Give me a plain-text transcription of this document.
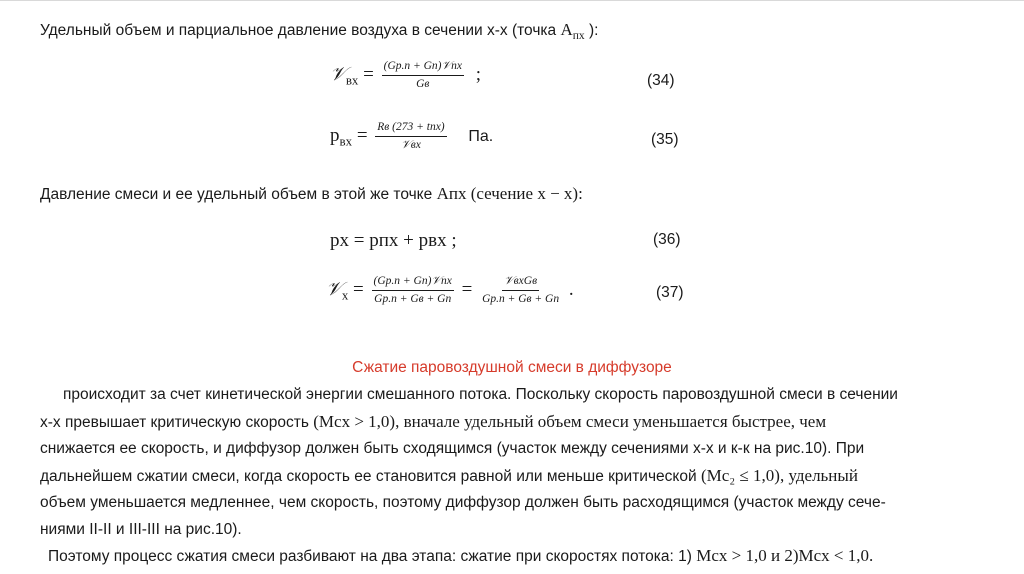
Удельный объем и парциальное давление воздуха в сечении х-х (точка $A_{пх}$ ):
𝒱$_{вх}$ = $\frac{\text{(Gр.п + Gп)𝒱пх}}{Gв}$ ;	(34)
$p_{вх} = \frac{\text{Rв (273 + tпх)}}{\text{𝒱вх}}$ Па.	(35)
Давление смеси и ее удельный объем в этой же точке Aпх (сечение x − x):
pх = pпх + pвх ;	(36)
𝒱$_х$ = $\frac{\text{(Gр.п + Gп)𝒱пх}}{Gр.п + Gв + Gп} = \frac{\text{𝒱вхGв}}{Gр.п + Gв + Gп}$ .	(37)
Сжатие паровоздушной смеси в диффузоре
происходит за счет кинетической энергии смешанного потока. Поскольку скорость паровоздушной смеси в сечении
х-х превышает критическую скорость (Mcх > 1,0), вначале удельный объем смеси уменьшается быстрее, чем
снижается ее скорость, и диффузор должен быть сходящимся (участок между сечениями х-х и к-к на рис.10). При
дальнейшем сжатии смеси, когда скорость ее становится равной или меньше критической (Mc₂ ≤ 1,0), удельный
объем уменьшается медленнее, чем скорость, поэтому диффузор должен быть расходящимся (участок между сече-
ниями II-II и III-III на рис.10).
Поэтому процесс сжатия смеси разбивают на два этапа: сжатие при скоростях потока: 1) Mcх > 1,0 и 2)Mcх < 1,0.
